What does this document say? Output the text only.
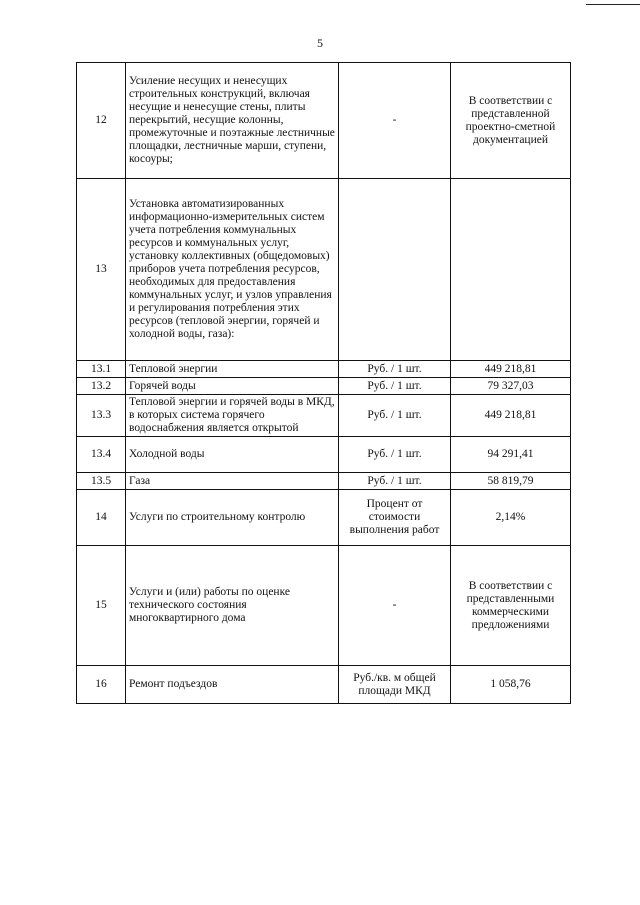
5
12	Усиление несущих и ненесущих строительных конструкций, включая несущие и ненесущие стены, плиты перекрытий, несущие колонны, промежуточные и поэтажные лестничные площадки, лестничные марши, ступени, косоуры;	-	В соответствии с представленной проектно-сметной документацией
13	Установка автоматизированных информационно-измерительных систем учета потребления коммунальных ресурсов и коммунальных услуг, установку коллективных (общедомовых) приборов учета потребления ресурсов, необходимых для предоставления коммунальных услуг, и узлов управления и регулирования потребления этих ресурсов (тепловой энергии, горячей и холодной воды, газа):		
13.1	Тепловой энергии	Руб. / 1 шт.	449 218,81
13.2	Горячей воды	Руб. / 1 шт.	79 327,03
13.3	Тепловой энергии и горячей воды в МКД, в которых система горячего водоснабжения является открытой	Руб. / 1 шт.	449 218,81
13.4	Холодной воды	Руб. / 1 шт.	94 291,41
13.5	Газа	Руб. / 1 шт.	58 819,79
14	Услуги по строительному контролю	Процент от стоимости выполнения работ	2,14%
15	Услуги и (или) работы по оценке технического состояния многоквартирного дома	-	В соответствии с представленными коммерческими предложениями
16	Ремонт подъездов	Руб./кв. м общей площади МКД	1 058,76
